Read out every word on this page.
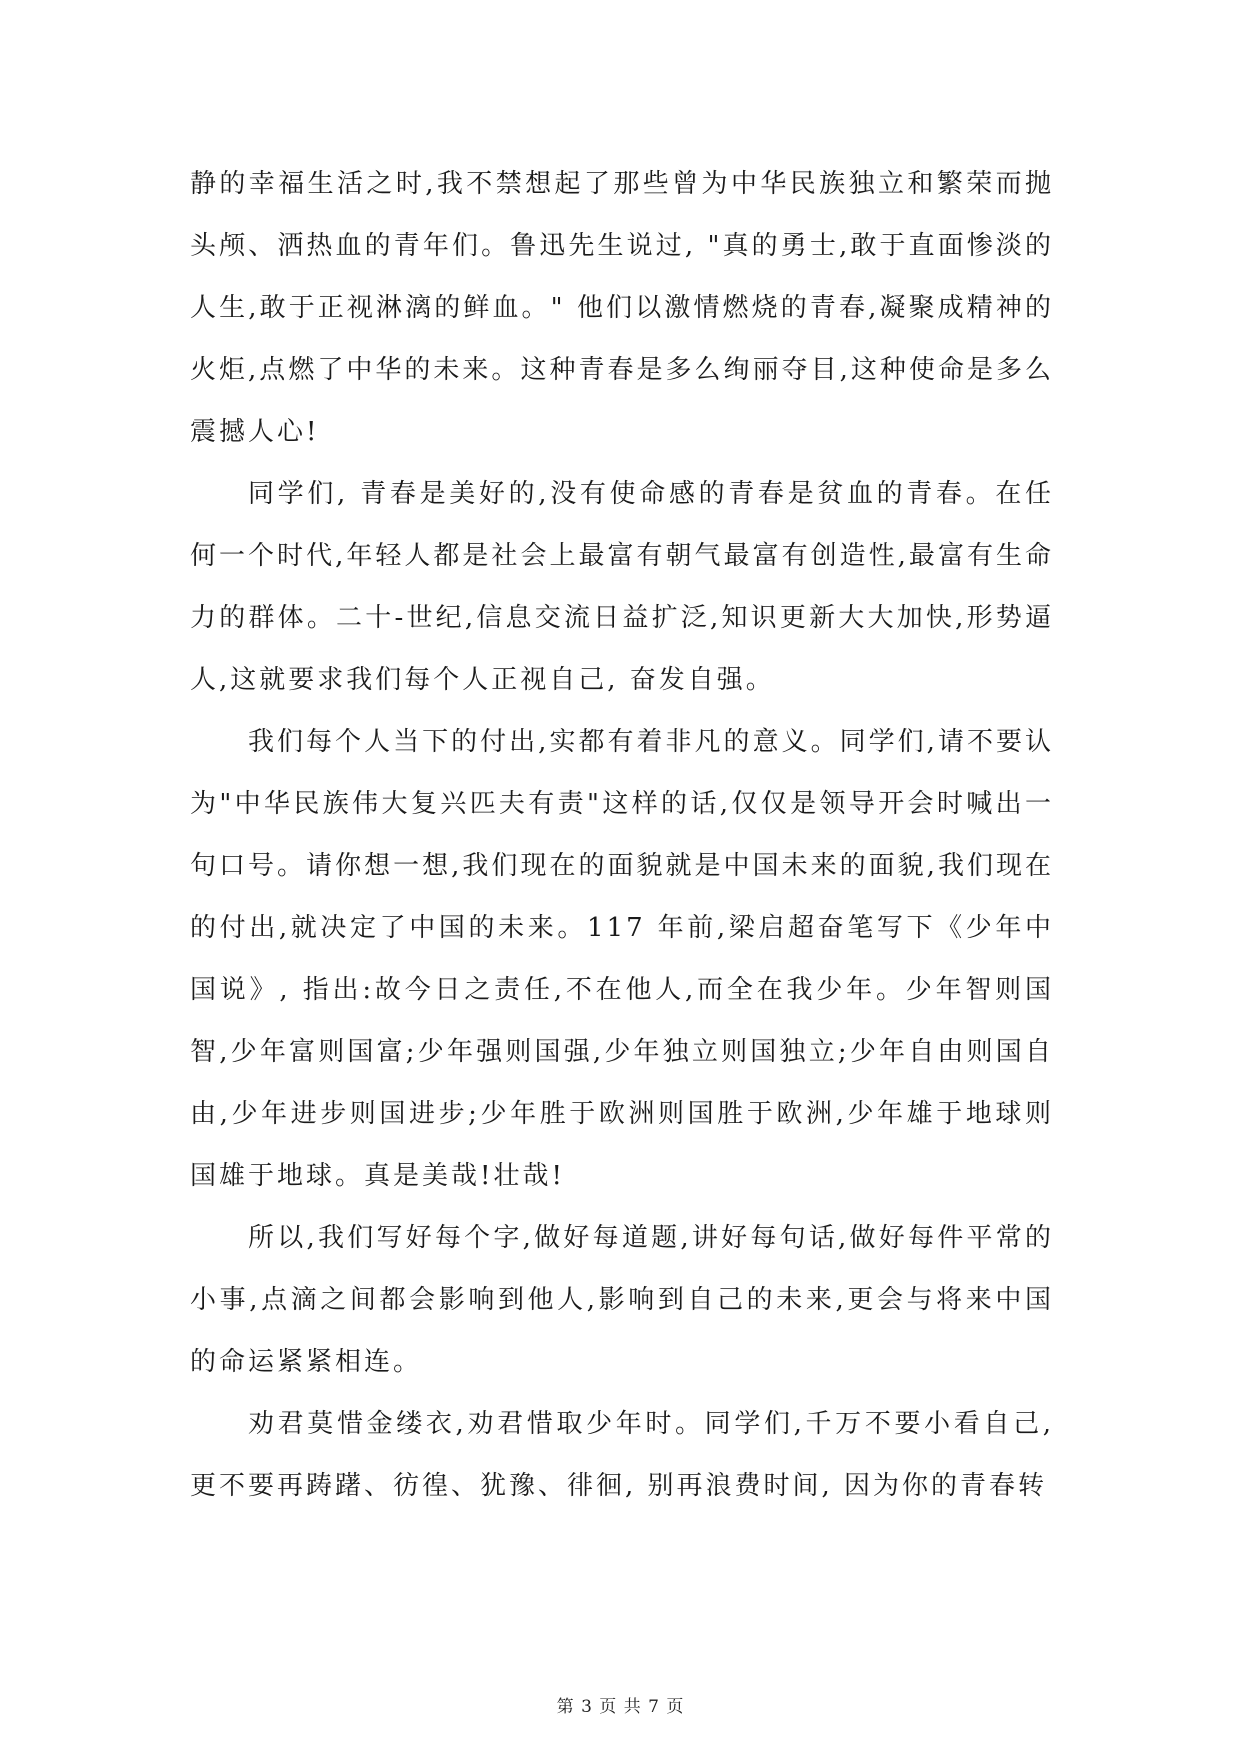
静的幸福生活之时,我不禁想起了那些曾为中华民族独立和繁荣而抛头颅、洒热血的青年们。鲁迅先生说过, "真的勇士,敢于直面惨淡的人生,敢于正视淋漓的鲜血。" 他们以激情燃烧的青春,凝聚成精神的火炬,点燃了中华的未来。这种青春是多么绚丽夺目,这种使命是多么震撼人心!

同学们, 青春是美好的,没有使命感的青春是贫血的青春。在任何一个时代,年轻人都是社会上最富有朝气最富有创造性,最富有生命力的群体。二十-世纪,信息交流日益扩泛,知识更新大大加快,形势逼人,这就要求我们每个人正视自己, 奋发自强。

我们每个人当下的付出,实都有着非凡的意义。同学们,请不要认为"中华民族伟大复兴匹夫有责"这样的话,仅仅是领导开会时喊出一句口号。请你想一想,我们现在的面貌就是中国未来的面貌,我们现在的付出,就决定了中国的未来。117 年前,梁启超奋笔写下《少年中国说》, 指出:故今日之责任,不在他人,而全在我少年。少年智则国智,少年富则国富;少年强则国强,少年独立则国独立;少年自由则国自由,少年进步则国进步;少年胜于欧洲则国胜于欧洲,少年雄于地球则国雄于地球。真是美哉!壮哉!

所以,我们写好每个字,做好每道题,讲好每句话,做好每件平常的小事,点滴之间都会影响到他人,影响到自己的未来,更会与将来中国的命运紧紧相连。

劝君莫惜金缕衣,劝君惜取少年时。同学们,千万不要小看自己,更不要再踌躇、彷徨、犹豫、徘徊, 别再浪费时间, 因为你的青春转

第 3 页 共 7 页
